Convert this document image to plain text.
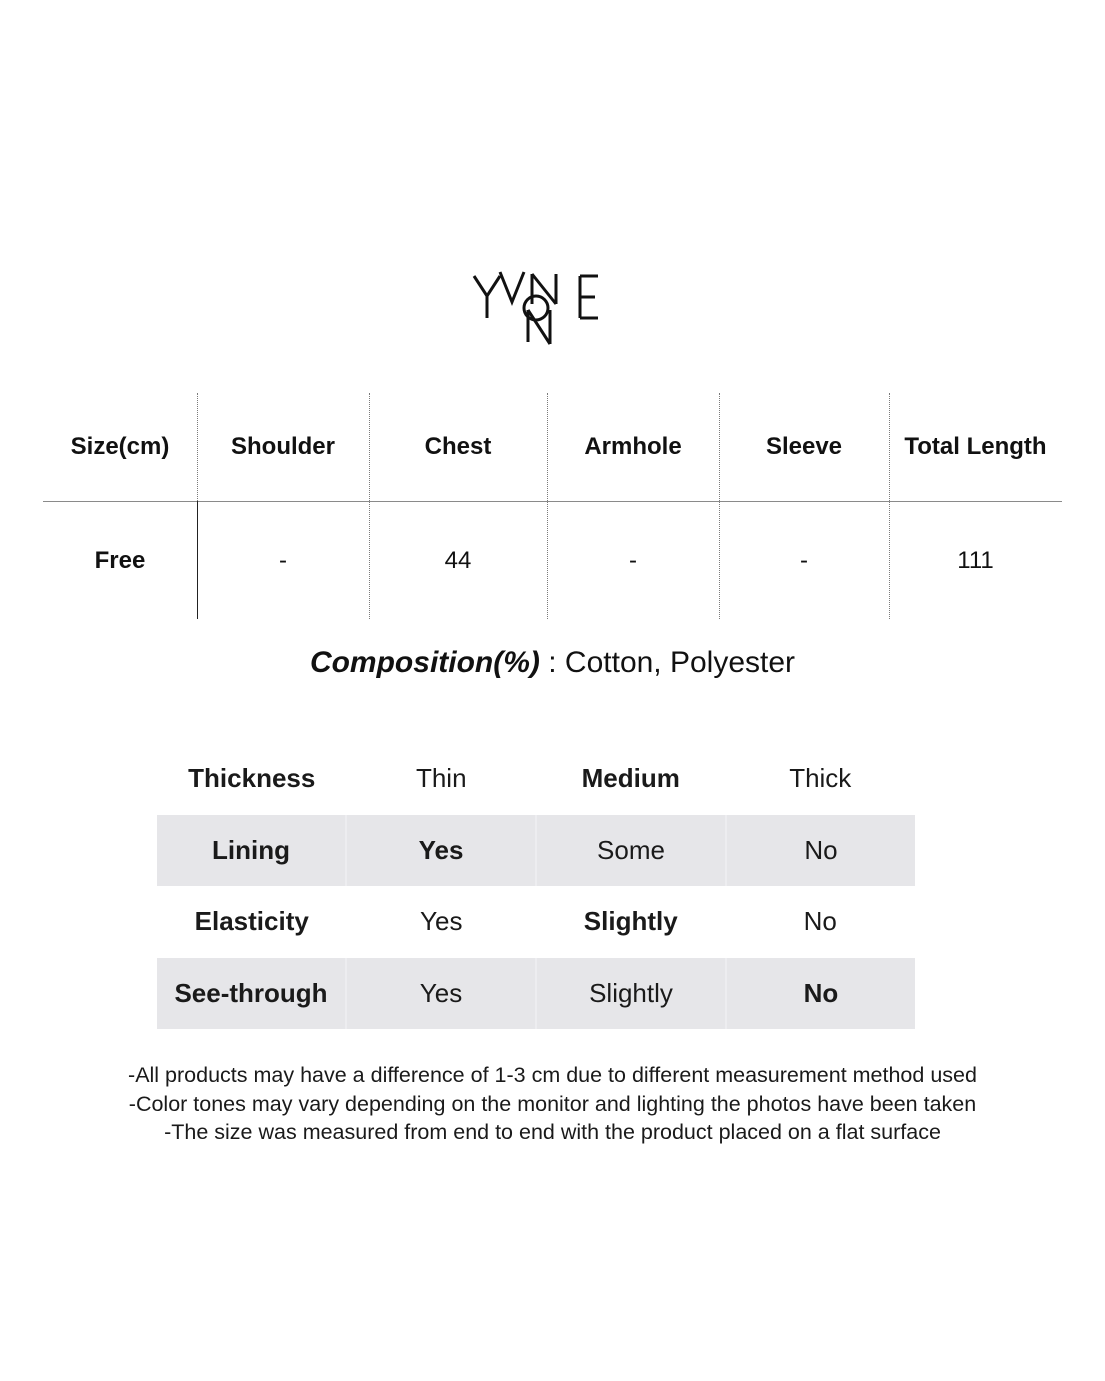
Size(cm)	Shoulder	Chest	Armhole	Sleeve	Total Length
Free	-	44	-	-	111
Composition(%) : Cotton, Polyester
Thickness	Thin	Medium	Thick
Lining	Yes	Some	No
Elasticity	Yes	Slightly	No
See-through	Yes	Slightly	No
-All products may have a difference of 1-3 cm due to different measurement method used
-Color tones may vary depending on the monitor and lighting the photos have been taken
-The size was measured from end to end with the product placed on a flat surface
